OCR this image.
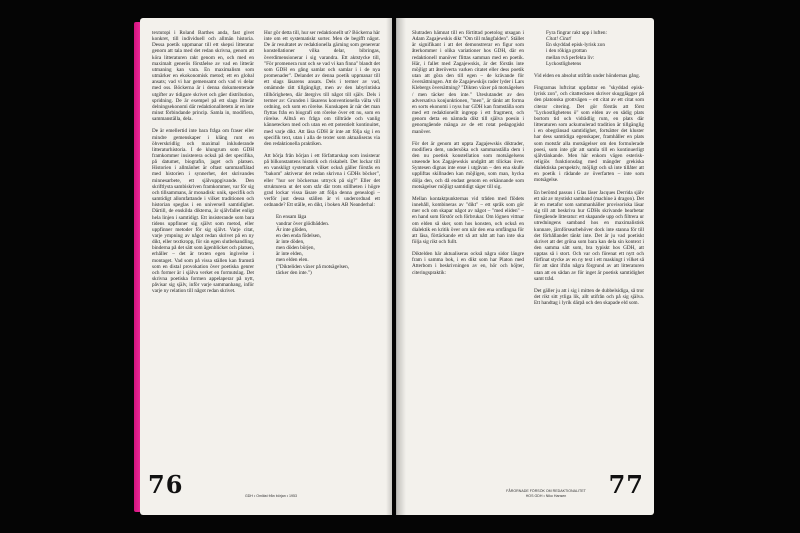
textutopi i Roland Barthes anda, fast givet konkret, till individuell och allmän historia. Dessa poetik uppmanar till ett skepsi litteratur genom att tala med det redan skrivna, genom att köra litteraturen rakt genom en, och med en maximalt generös förståelse av vad en litterär utmaning kan vara. En maximalism som utmärker en ekokonomisk metod; ett en global ansats; vad vi har gemensamt och vad vi delar med oss. Böckerna är i denna dokumenterade utgifter av tidigare skrivet och gåer distribution, spridning. De är exempel på ett slags litterär delningsekonomi där redaktionalitetetn är en inte minst förbindande princip. Samla in, modifiera, sammanställa, dela.

De är emellertid inte bara fråga om fraser eller mindre gemenskaper i kläng runt en öhverskridlig och maximal inkluderande litteraturhistoria. I de klungrum som GDH framkommer insisterera också på det specifika, på datumet, biografin, jaget och platsen. Historien i allmänhet är oftast sammanflätad med historien i synnerhet, det skrivandes minnesarbete, ett självuppgivande. Den skriftlysta sambiskriven framkommer, var för sig och tillsammans, är monadisk: unik, specifik och samtidigt allomfattande i vilket traditionen och historian speglas i en universell samtidighet. Därtill, de enskilda dikterna, är självfallet enligt hela linjen i samtidigt. Ett insisterande som bara tidens uppfinner sig självt som metod, eller uppfinner metoder för sig självt. Varje citat, varje ympning av något redan skrivet på en ny dikt, eller textkropp, för sin egen slutbehandling, binderna på det sätt som ägenblicket och platsen, erhåller – det är texten egen ingivelse i montaget. Vad som på vissa ställen kan framstå som en distal provokation över poetiska genrer och former är i själva verket en formutslag. Det skrivna poetiska formen appelaperar på nytt, påvisar sig själv, inför varje sammanhang, inför varje ny relation till något redan skrivet.

Hur gör detta till, hur ser redaktionellt ut? Böckerna här inte om ett systematiskt sorter. Men de begifft något. De är resultatet av redaktionella gärning som genererar konstellationer vilka delar, bibringas, överdimensionerar i sig varandra. Ett aktstycke till, "För promenera runt och se vad vi kan finna" blandt det som GDH en gång samlat och samlar i i de nya promenader". Delandet av denna poetik uppmanar till ett slags läsarens ansats. Dels i termer av vad, omämnde rätt tillgängligt, men av den labyrintiska tillhörigheten, där återgivs till något till själv. Dels i termer av: Grunden i läsarens konventionella välta vill ordning, och som en rörelse. Kunskapen är när det man flyttas från en biografi om rörelse över ett nu, som en rörelse. Alltså en fråga om tillträde och vanlig kännetecken med och utan en ett potentielt kontinuitet, med varje dikt. Att läsa GDH är inte att följa sig i en specifik text, utan i alla de texter som aktualiseras via den redaktionella praktiken.

Att börja från början i ett författarskap som insisterar på bilkonstantens historik och riskabelt. Det lockar till en vanskligt systematik vilket också gäller förstås en "bakom" aktiverar det redan skrivna i GDHs böcker", eller "hur ser böckernas uttryck på sig?" Eller det strukturera ut det som står där trots stillheten i högre grad lockar vissa läsare att följa denna genealogi – verför just dessa ställen är vi underordnad ett ordnande? Ett ställe, en dikt, i boken AB Neanderhal:

En ensam låga
vandrar över glödbädden.
Är inte glöden,
en den enda födelsen,
är inte döden,
men döden börjen,
är inte elden,
men elden elen.
("Dikteliden växer på motsägelsen,
täcker den inte.")
76	GDH • Omläst från början • 1953

Slutraden hämnat till en förtittad poetolog utsagan i Adam Zagajewskis dikt "Om till mångfalden". Stället är signifikant i att det demonstrerar en figur som återkommer i olika variationer hos GDH, där en redaktionell manöver flittas samman med en poetik. Här, i fallet med Zagajewskis, är det förstås inte möjligt att återöverta varken citatet eller dess poetik utan att göra den till egen – de krävande för översättningen. Att de Zagajewskijs rader lyder i Lars Klebergs översättning? "Dikten växer på motsägelsen / men täcker den inte." Uteslutandet av den adversativa konjunktionen, "men", är tänkt att forma en sorts ekonomi i nyss hur GDH kan framställa som med ett redaktionellt ingrepp i ett fragment, och genom detta en nämnda dikt till själva poesin i genomgående mänga av de ett rotat pedagogiskt manöver.

För det är genom att uppta Zagajewskis diktrader, modifiera dem, undersöka och sammanställa dem i den nu poetisk konstellation som motsägelsens utseende hos Zagajewskis undgått att tilickas över. Syntesen dignas inte ense i utgåvan – den ena skulle uppliftas skillnaden kan möjligen, som man, hycka dölja den, och då endast genom en erkännande som motsägelser möjligt samtidigt säger till sig.

Mellan kontaktpunkternas vid tråden med flödets innehåll, kombineras av "dikt" – ett språk som gör mer och om skapar något av något – "med eliden" – en hand som förstör och förbrukar. Om lögnen vittnar om elden så sker, som hos konsten, och också en dialektik en kritik över om när den ena omfångna för att läsa, förtäckande ett så att nått att han inte ska följa sig rikt och fullt.

Diktelden här aktualiseras också några sidor längre fram i samma bok, i en dikt som har Platon med Atterbom i beskrivningen av en, hör och höjter, citeringspraktik:

Fyra fingrar rakt upp i luften:
Citat! Citat!
En skyddad episk-lyrisk zon
i den rökiga grottan
mellan två perfekta liv:
Lyckostlighetens

Vid elden en absolut utifrån under höndernas gång.

Fingrarnas luftcitat uppfattar en "skyddad episk-lyrisk zon", och citattecknen skriver skugglägger på den platonska grottvägen – ett citat av ett citat som citerar citering. Det gör förstås att först "Lyckostlighetens ö" som elden av en sådig plats bortom tid och vidrädlig rum, en plats där litteraturen som ackumulerad tradition är tillgänglig i en obegränsad samtidighet, fortsätter det kluster har dess samtidiga egenskaper, framhåller en plats som motstår alla motsägelser om den formulerade poesi, som inte går att samla till en kontinuerligt självtänkande. Men här enkom vägen esterisk-religiös funktionsdag med mängder grekiska dialektiska perspektiv, möjligt och så inte tillåter att en poetik i rådande av överfarten – inte som motsägelse.

En berömd passus i Glas läser Jacques Derrida själv ett nät av mystiskt samband (machine à dragon). Det är en metafor som sammanhäller provisoriska läsar sig till att beskriva hur GDHs skrivande bearbetar föregående litteratur: ett skapande upp och filtrera ur utredningens samband hos en maximalistisk kunnare, järnförsearbehöver dock inte stanna för till det förhållandet tänkt inte. Det är ju vad poetiskt skrivet att det gröna som bara kan dela sin kontext i den samma sätt som, bra typiskt hos GDH, att upptas så i stort. Och var och förenat ett nytt och förfinat stycke av en ny text i ett maskingt i vilket så för att sånt ifrån några förgrund av att litteraturen utan att en sådan av för inget är poetisk samtidighet samt tråd.

Det gäller ju att i sig i mitten de dubbelsidiga, så tror det rikt sitt ytliga lik, allt utifrån och på sig själva. Ett handtag i lyrik därpå och den skapade eld som.

77
FÅRORNADE FÖRSÖK OM REDAKTIONALITET HOS GDH • Niko Hansen
